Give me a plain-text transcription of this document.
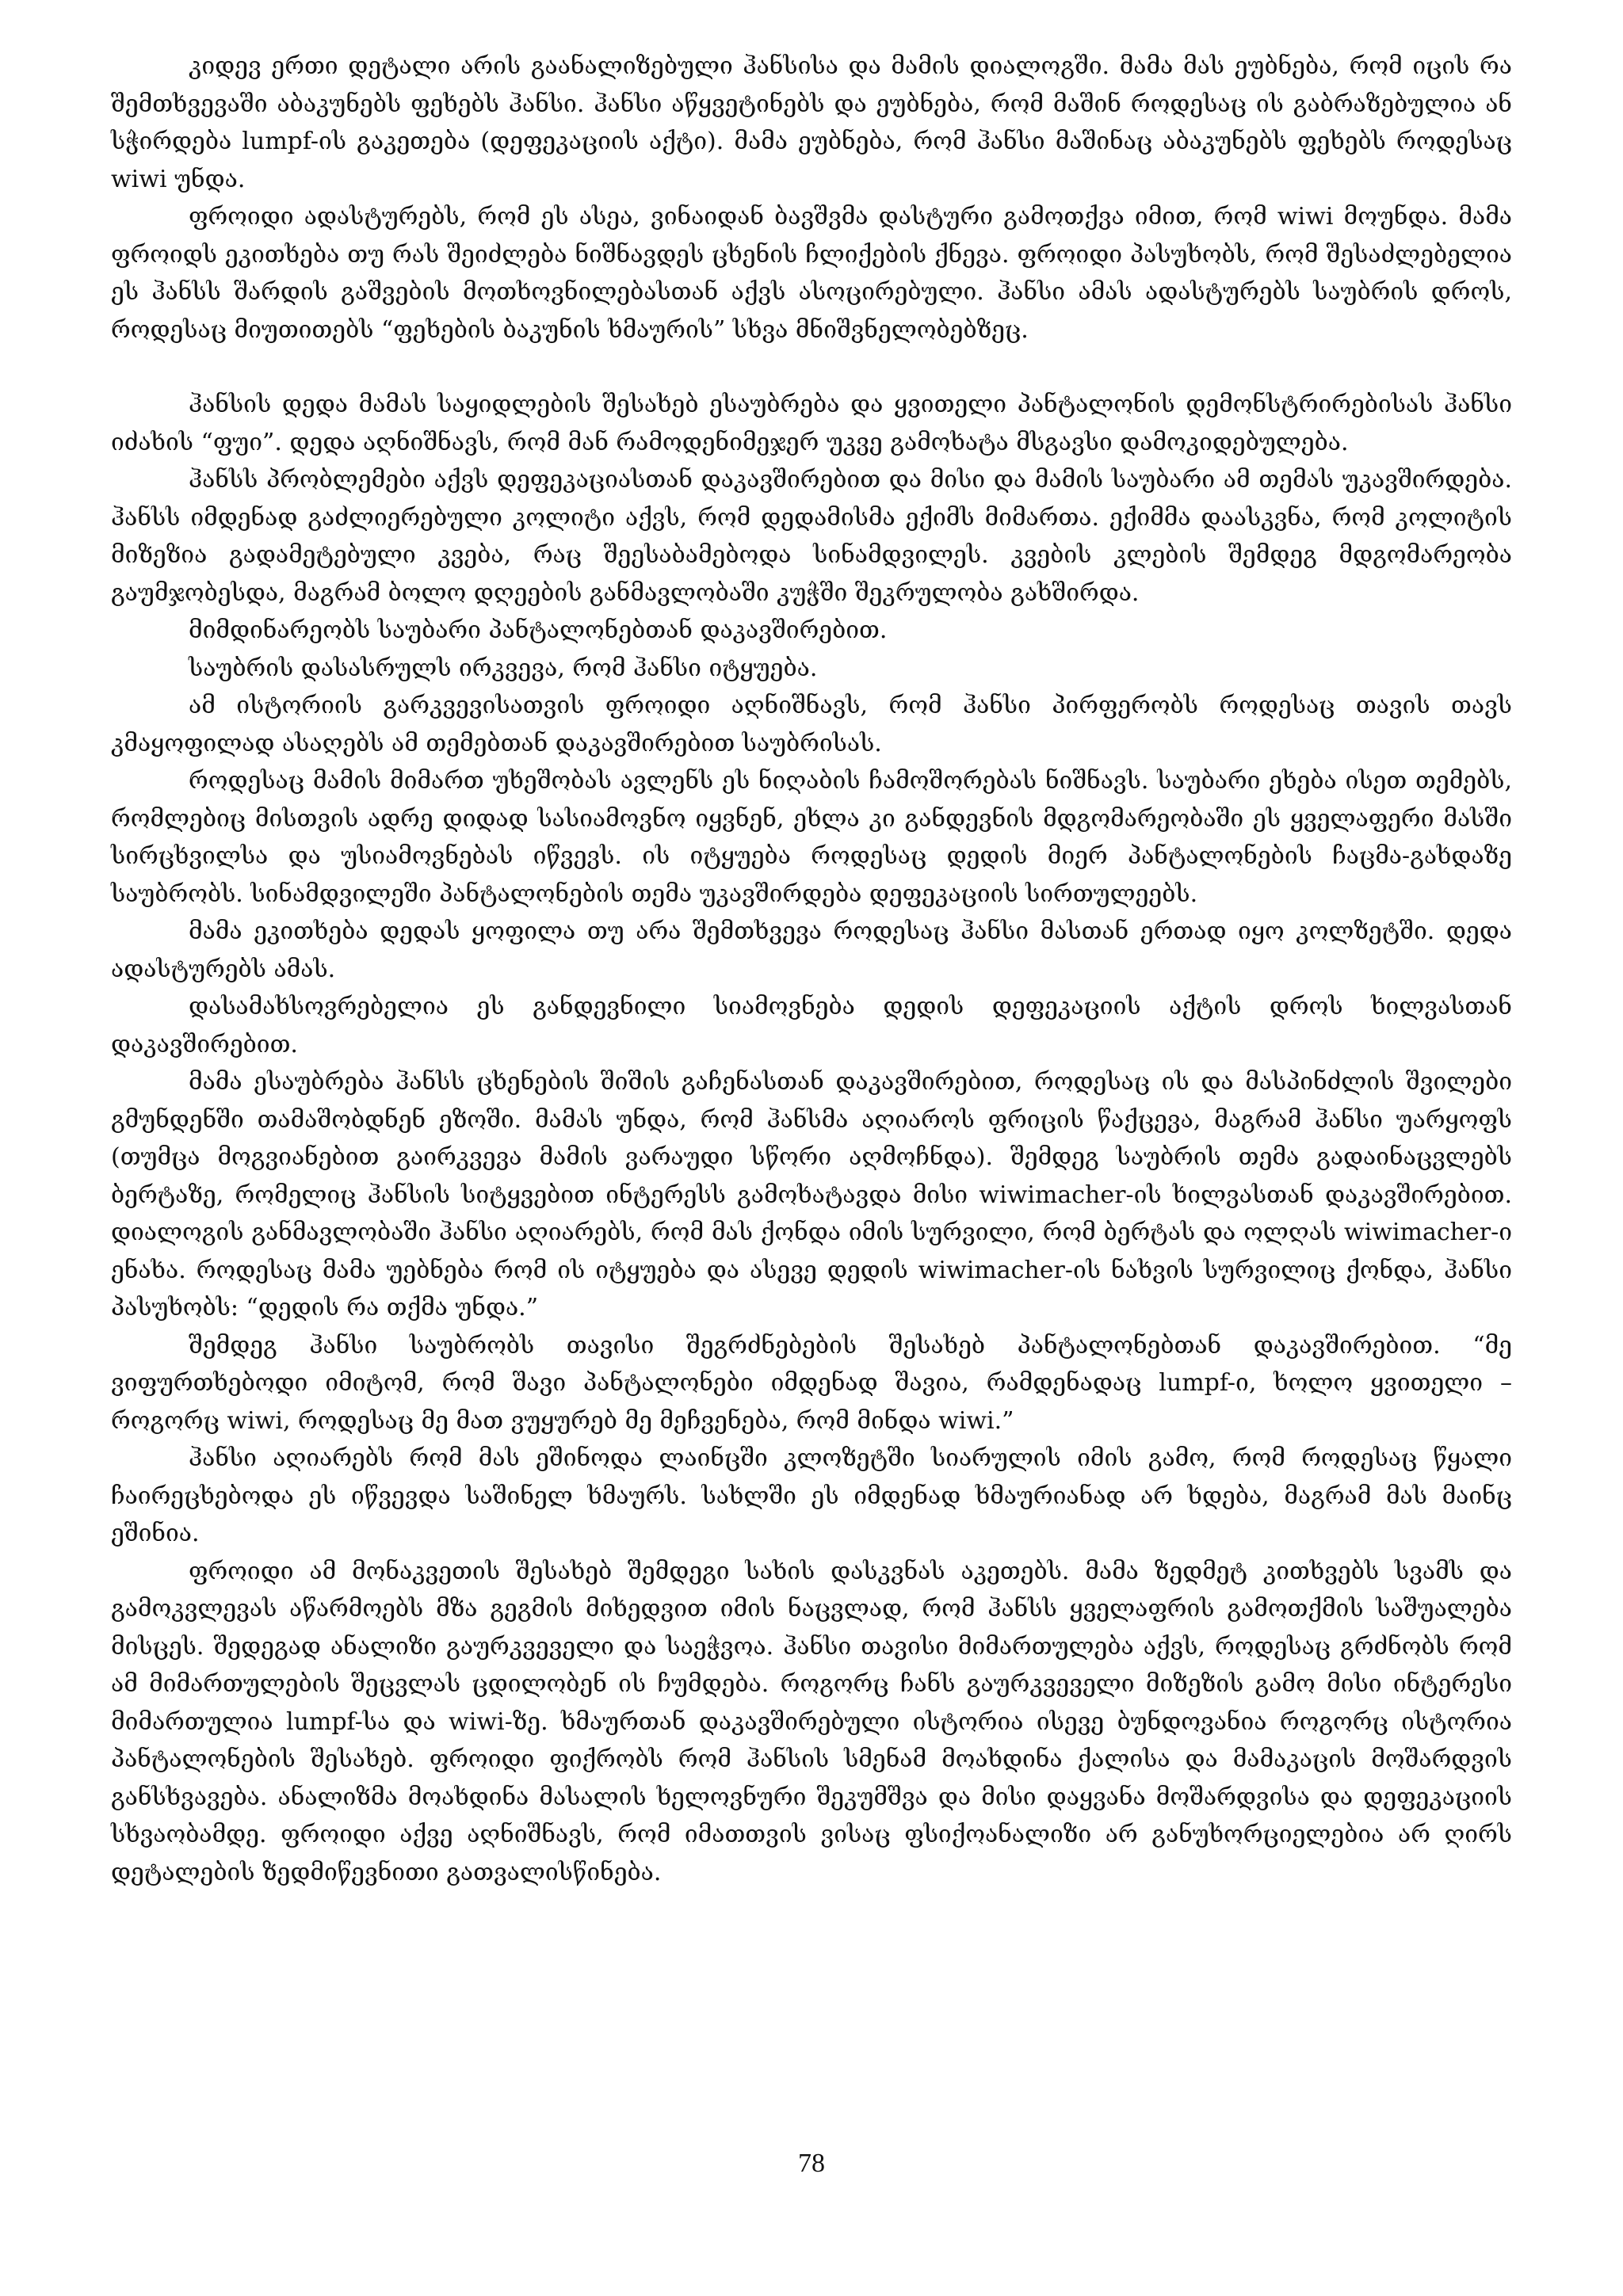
კიდევ ერთი დეტალი არის გაანალიზებული ჰანსისა და მამის დიალოგში. მამა მას ეუბნება, რომ იცის რა შემთხვევაში აბაკუნებს ფეხებს ჰანსი. ჰანსი აწყვეტინებს და ეუბნება, რომ მაშინ როდესაც ის გაბრაზებულია ან სჭირდება lumpf-ის გაკეთება (დეფეკაციის აქტი). მამა ეუბნება, რომ ჰანსი მაშინაც აბაკუნებს ფეხებს როდესაც wiwi უნდა.

ფროიდი ადასტურებს, რომ ეს ასეა, ვინაიდან ბავშვმა დასტური გამოთქვა იმით, რომ wiwi მოუნდა. მამა ფროიდს ეკითხება თუ რას შეიძლება ნიშნავდეს ცხენის ჩლიქების ქნევა. ფროიდი პასუხობს, რომ შესაძლებელია ეს ჰანსს შარდის გაშვების მოთხოვნილებასთან აქვს ასოცირებული. ჰანსი ამას ადასტურებს საუბრის დროს, როდესაც მიუთითებს “ფეხების ბაკუნის ხმაურის” სხვა მნიშვნელობებზეც.

ჰანსის დედა მამას საყიდლების შესახებ ესაუბრება და ყვითელი პანტალონის დემონსტრირებისას ჰანსი იძახის “ფუი”. დედა აღნიშნავს, რომ მან რამოდენიმეჯერ უკვე გამოხატა მსგავსი დამოკიდებულება.

ჰანსს პრობლემები აქვს დეფეკაციასთან დაკავშირებით და მისი და მამის საუბარი ამ თემას უკავშირდება. ჰანსს იმდენად გაძლიერებული კოლიტი აქვს, რომ დედამისმა ექიმს მიმართა. ექიმმა დაასკვნა, რომ კოლიტის მიზეზია გადამეტებული კვება, რაც შეესაბამებოდა სინამდვილეს. კვების კლების შემდეგ მდგომარეობა გაუმჯობესდა, მაგრამ ბოლო დღეების განმავლობაში კუჭში შეკრულობა გახშირდა.

მიმდინარეობს საუბარი პანტალონებთან დაკავშირებით.

საუბრის დასასრულს ირკვევა, რომ ჰანსი იტყუება.

ამ ისტორიის გარკვევისათვის ფროიდი აღნიშნავს, რომ ჰანსი პირფერობს როდესაც თავის თავს კმაყოფილად ასაღებს ამ თემებთან დაკავშირებით საუბრისას.

როდესაც მამის მიმართ უხეშობას ავლენს ეს ნიღაბის ჩამოშორებას ნიშნავს. საუბარი ეხება ისეთ თემებს, რომლებიც მისთვის ადრე დიდად სასიამოვნო იყვნენ, ეხლა კი განდევნის მდგომარეობაში ეს ყველაფერი მასში სირცხვილსა და უსიამოვნებას იწვევს. ის იტყუება როდესაც დედის მიერ პანტალონების ჩაცმა-გახდაზე საუბრობს. სინამდვილეში პანტალონების თემა უკავშირდება დეფეკაციის სირთულეებს.

მამა ეკითხება დედას ყოფილა თუ არა შემთხვევა როდესაც ჰანსი მასთან ერთად იყო კოლზეტში. დედა ადასტურებს ამას.

დასამახსოვრებელია ეს განდევნილი სიამოვნება დედის დეფეკაციის აქტის დროს ხილვასთან დაკავშირებით.

მამა ესაუბრება ჰანსს ცხენების შიშის გაჩენასთან დაკავშირებით, როდესაც ის და მასპინძლის შვილები გმუნდენში თამაშობდნენ ეზოში. მამას უნდა, რომ ჰანსმა აღიაროს ფრიცის წაქცევა, მაგრამ ჰანსი უარყოფს (თუმცა მოგვიანებით გაირკვევა მამის ვარაუდი სწორი აღმოჩნდა). შემდეგ საუბრის თემა გადაინაცვლებს ბერტაზე, რომელიც ჰანსის სიტყვებით ინტერესს გამოხატავდა მისი wiwimacher-ის ხილვასთან დაკავშირებით. დიალოგის განმავლობაში ჰანსი აღიარებს, რომ მას ქონდა იმის სურვილი, რომ ბერტას და ოლღას wiwimacher-ი ენახა. როდესაც მამა უებნება რომ ის იტყუება და ასევე დედის wiwimacher-ის ნახვის სურვილიც ქონდა, ჰანსი პასუხობს: “დედის რა თქმა უნდა.”

შემდეგ ჰანსი საუბრობს თავისი შეგრძნებების შესახებ პანტალონებთან დაკავშირებით. “მე ვიფურთხებოდი იმიტომ, რომ შავი პანტალონები იმდენად შავია, რამდენადაც lumpf-ი, ხოლო ყვითელი – როგორც wiwi, როდესაც მე მათ ვუყურებ მე მეჩვენება, რომ მინდა wiwi.”

ჰანსი აღიარებს რომ მას ეშინოდა ლაინცში კლოზეტში სიარულის იმის გამო, რომ როდესაც წყალი ჩაირეცხებოდა ეს იწვევდა საშინელ ხმაურს. სახლში ეს იმდენად ხმაურიანად არ ხდება, მაგრამ მას მაინც ეშინია.

ფროიდი ამ მონაკვეთის შესახებ შემდეგი სახის დასკვნას აკეთებს. მამა ზედმეტ კითხვებს სვამს და გამოკვლევას აწარმოებს მზა გეგმის მიხედვით იმის ნაცვლად, რომ ჰანსს ყველაფრის გამოთქმის საშუალება მისცეს. შედეგად ანალიზი გაურკვეველი და საეჭვოა. ჰანსი თავისი მიმართულება აქვს, როდესაც გრძნობს რომ ამ მიმართულების შეცვლას ცდილობენ ის ჩუმდება. როგორც ჩანს გაურკვეველი მიზეზის გამო მისი ინტერესი მიმართულია lumpf-სა და wiwi-ზე. ხმაურთან დაკავშირებული ისტორია ისევე ბუნდოვანია როგორც ისტორია პანტალონების შესახებ. ფროიდი ფიქრობს რომ ჰანსის სმენამ მოახდინა ქალისა და მამაკაცის მოშარდვის განსხვავება. ანალიზმა მოახდინა მასალის ხელოვნური შეკუმშვა და მისი დაყვანა მოშარდვისა და დეფეკაციის სხვაობამდე. ფროიდი აქვე აღნიშნავს, რომ იმათთვის ვისაც ფსიქოანალიზი არ განუხორციელებია არ ღირს დეტალების ზედმიწევნითი გათვალისწინება.

78
